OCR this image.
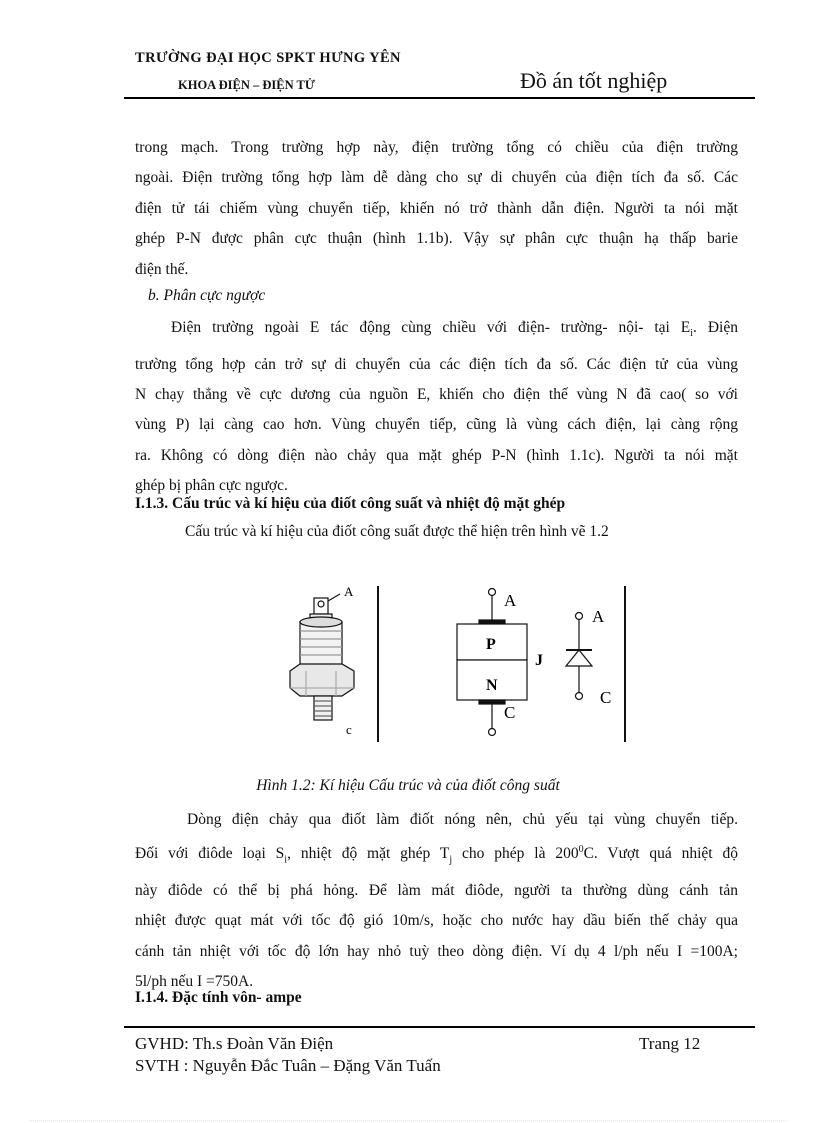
TRƯỜNG ĐẠI HỌC SPKT HƯNG YÊN
KHOA ĐIỆN – ĐIỆN TỬ	Đồ án tốt nghiệp
trong mạch. Trong trường hợp này, điện trường tổng có chiều của điện trường
ngoài. Điện trường tổng hợp làm dễ dàng cho sự di chuyển của điện tích đa số. Các
điện tử tái chiếm vùng chuyển tiếp, khiến nó trở thành dẫn điện. Người ta nói mặt
ghép P-N được phân cực thuận (hình 1.1b). Vậy sự phân cực thuận hạ thấp barie
điện thế.
b. Phân cực ngược
Điện trường ngoài E tác động cùng chiều với điện- trường- nội- tại $E_i$. Điện
trường tổng hợp cản trở sự di chuyển của các điện tích đa số. Các điện tử của vùng
N chạy thẳng về cực dương của nguồn E, khiến cho điện thế vùng N đã cao( so với
vùng P) lại càng cao hơn. Vùng chuyển tiếp, cũng là vùng cách điện, lại càng rộng
ra. Không có dòng điện nào chảy qua mặt ghép P-N (hình 1.1c). Người ta nói mặt
ghép bị phân cực ngược.
I.1.3. Cấu trúc và kí hiệu của điốt công suất và nhiệt độ mặt ghép
Cấu trúc và kí hiệu của điốt công suất được thể hiện trên hình vẽ 1.2
A
c
A
P
J
N
C
A
C
Hình 1.2: Kí hiệu Cấu trúc và của điốt công suất
Dòng điện chảy qua điốt làm điốt nóng nên, chủ yếu tại vùng chuyển tiếp.
Đối với điôde loại $S_i$, nhiệt độ mặt ghép $T_j$ cho phép là $200^0C$. Vượt quá nhiệt độ
này điôde có thể bị phá hỏng. Để làm mát điôde, người ta thường dùng cánh tản
nhiệt được quạt mát với tốc độ gió 10m/s, hoặc cho nước hay dầu biến thế chảy qua
cánh tản nhiệt với tốc độ lớn hay nhỏ tuỳ theo dòng điện. Ví dụ 4 l/ph nếu I =100A;
5l/ph nếu I =750A.
I.1.4. Đặc tính vôn- ampe
GVHD: Th.s Đoàn Văn Điện	Trang 12
SVTH : Nguyễn Đắc Tuân – Đặng Văn Tuấn
